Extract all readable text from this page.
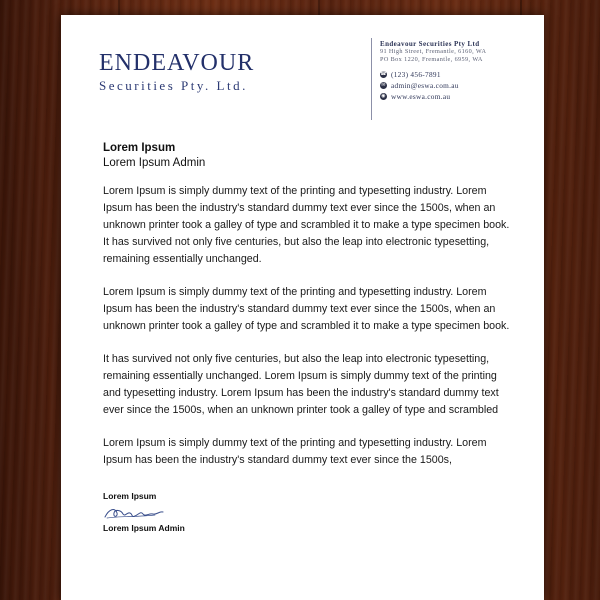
ENDEAVOUR
Securities Pty. Ltd.
Endeavour Securities Pty Ltd
91 High Street, Fremantle, 6160, WA
PO Box 1220, Fremantle, 6959, WA
☎ (123) 456-7891
✉ admin@eswa.com.au
◉ www.eswa.com.au
Lorem Ipsum
Lorem Ipsum Admin

Lorem Ipsum is simply dummy text of the printing and typesetting industry. Lorem Ipsum has been the industry's standard dummy text ever since the 1500s, when an unknown printer took a galley of type and scrambled it to make a type specimen book. It has survived not only five centuries, but also the leap into electronic typesetting, remaining essentially unchanged.

Lorem Ipsum is simply dummy text of the printing and typesetting industry. Lorem Ipsum has been the industry's standard dummy text ever since the 1500s, when an unknown printer took a galley of type and scrambled it to make a type specimen book.

It has survived not only five centuries, but also the leap into electronic typesetting, remaining essentially unchanged. Lorem Ipsum is simply dummy text of the printing and typesetting industry. Lorem Ipsum has been the industry's standard dummy text ever since the 1500s, when an unknown printer took a galley of type and scrambled

Lorem Ipsum is simply dummy text of the printing and typesetting industry. Lorem Ipsum has been the industry's standard dummy text ever since the 1500s,

Lorem Ipsum
Lorem Ipsum Admin
